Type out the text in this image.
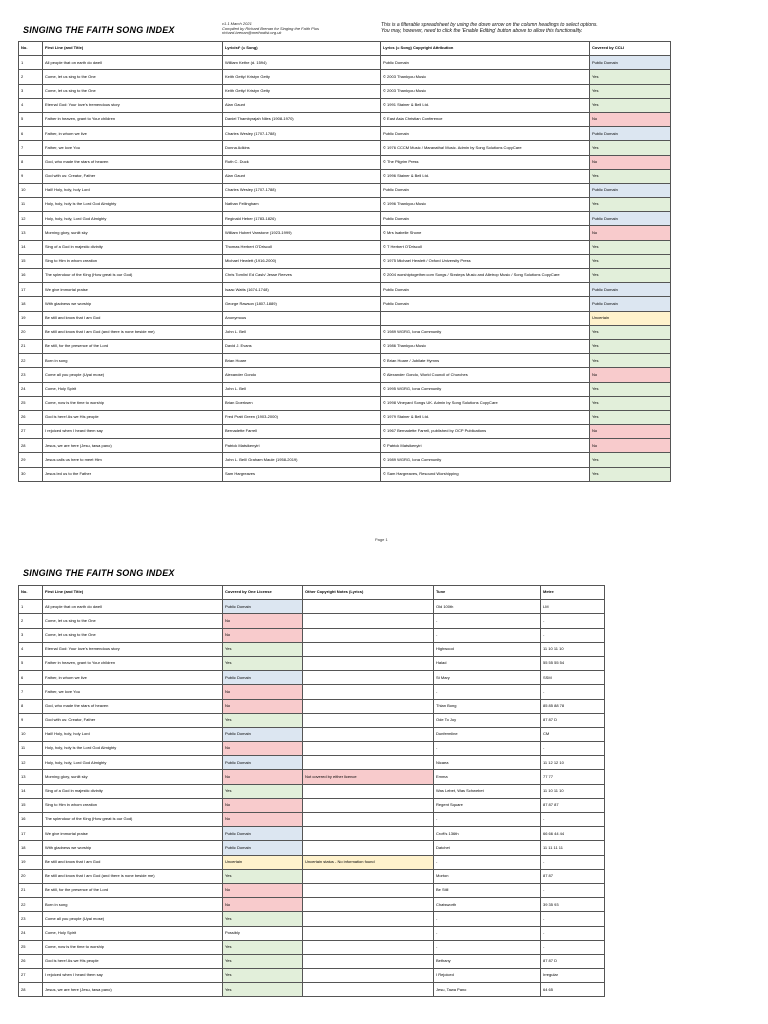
SINGING THE FAITH SONG INDEX
v1.1 March 2021
Compiled by Richard Brenan for Singing the Faith Plus
richard.brenan@methodist.org.uk
This is a filterable spreadsheet by using the down arrow on the column headings to select options.
You may, however, need to click the 'Enable Editing' button above to allow this functionality.
No.	First Line (and Title)	Lyricist¹ (= Song)	Lyrics (= Song) Copyright Attribution	Covered by CCLI
1	All people that on earth do dwell	William Kethe (d. 1594)	Public Domain	Public Domain
2	Come, let us sing to the One	Keith Getty/ Kristyn Getty	© 2003 Thankyou Music	Yes
3	Come, let us sing to the One	Keith Getty/ Kristyn Getty	© 2003 Thankyou Music	Yes
4	Eternal God: Your love's tremendous story	Alan Gaunt	© 1991 Stainer & Bell Ltd.	Yes
5	Father in heaven, grant to Your children	Daniel Thambyrajah Niles (1908-1970)	© East Asia Christian Conference	No
6	Father, in whom we live	Charles Wesley (1707-1788)	Public Domain	Public Domain
7	Father, we love You	Donna Adkins	© 1976 CCCM Music / Maranatha! Music. Admin by Song Solutions CopyCare	Yes
8	God, who made the stars of heaven	Ruth C. Duck	© The Pilgrim Press	No
9	God with us: Creator, Father	Alan Gaunt	© 1996 Stainer & Bell Ltd.	Yes
10	Hail! Holy, holy, holy Lord	Charles Wesley (1707-1788)	Public Domain	Public Domain
11	Holy, holy, holy is the Lord God Almighty	Nathan Fellingham	© 1996 Thankyou Music	Yes
12	Holy, holy, holy, Lord God Almighty	Reginald Heber (1783-1826)	Public Domain	Public Domain
13	Morning glory, sunlit sky	William Hubert Vanstone (1923-1999)	© Mrs Isabelle Shone	No
14	Sing of a God in majestic divinity	Thomas Herbert O'Driscoll	© T Herbert O'Driscoll	Yes
15	Sing to Him in whom creation	Michael Hewlett (1916-2000)	© 1975 Michael Hewlett / Oxford University Press	Yes
16	The splendour of the King (How great is our God)	Chris Tomlin/ Ed Cash/ Jesse Reeves	© 2004 worshiptogether.com Songs / Sixsteps Music and Alletrop Music / Song Solutions CopyCare	Yes
17	We give immortal praise	Isaac Watts (1674-1748)	Public Domain	Public Domain
18	With gladness we worship	George Rawson (1807-1889)	Public Domain	Public Domain
19	Be still and know that I am God	Anonymous		Uncertain
20	Be still and know that I am God (and there is none beside me)	John L. Bell	© 1989 WGRG, Iona Community	Yes
21	Be still, for the presence of the Lord	David J. Evans	© 1986 Thankyou Music	Yes
22	Born in song	Brian Hoare	© Brian Hoare / Jubilate Hymns	Yes
23	Come all you people (Uyai mose)	Alexander Gondo	© Alexander Gondo, World Council of Churches	No
24	Come, Holy Spirit	John L. Bell	© 1995 WGRG, Iona Community	Yes
25	Come, now is the time to worship	Brian Doerksen	© 1998 Vineyard Songs UK. Admin by Song Solutions CopyCare	Yes
26	God is here! As we His people	Fred Pratt Green (1903-2000)	© 1979 Stainer & Bell Ltd.	Yes
27	I rejoiced when I heard them say	Bernadette Farrell	© 1967 Bernadette Farrell, published by OCP Publications	No
28	Jesus, we are here (Jesu, tawa pano)	Patrick Matsikenyiri	© Patrick Matsikenyiri	No
29	Jesus calls us here to meet Him	John L. Bell/ Graham Maule (1958-2019)	© 1989 WGRG, Iona Community	Yes
30	Jesus led us to the Father	Sam Hargreaves	© Sam Hargreaves, Resound Worshipping	Yes
Page 1
SINGING THE FAITH SONG INDEX
No.	First Line (and Title)	Covered by One License	Other Copyright Notes (Lyrics)	Tune	Metre
1	All people that on earth do dwell	Public Domain		Old 100th	LM
2	Come, let us sing to the One	No		-	-
3	Come, let us sing to the One	No		-	-
4	Eternal God: Your love's tremendous story	Yes		Highwood	11 10 11 10
5	Father in heaven, grant to Your children	Yes		Halad	55 55 55 54
6	Father, in whom we live	Public Domain		St Mary	SSM
7	Father, we love You	No		-	-
8	God, who made the stars of heaven	No		Thian Bong	85 85 88 78
9	God with us: Creator, Father	Yes		Ode To Joy	87 87 D
10	Hail! Holy, holy, holy Lord	Public Domain		Dunfermline	CM
11	Holy, holy, holy is the Lord God Almighty	No		-	-
12	Holy, holy, holy, Lord God Almighty	Public Domain		Nicaea	11 12 12 10
13	Morning glory, sunlit sky	No	Not covered by either licence	Emma	77 77
14	Sing of a God in majestic divinity	Yes		Was Lebet, Was Schwebet	11 10 11 10
15	Sing to Him in whom creation	No		Regent Square	87 87 87
16	The splendour of the King (How great is our God)	No		-	-
17	We give immortal praise	Public Domain		Croft's 136th	66 66 44 44
18	With gladness we worship	Public Domain		Datchet	11 11 11 11
19	Be still and know that I am God	Uncertain	Uncertain status - No information found	-	-
20	Be still and know that I am God (and there is none beside me)	Yes		Morton	87 87
21	Be still, for the presence of the Lord	No		Be Still	-
22	Born in song	No		Chatsworth	39 35 93
23	Come all you people (Uyai mose)	Yes		-	-
24	Come, Holy Spirit	Possibly		-	-
25	Come, now is the time to worship	Yes		-	-
26	God is here! As we His people	Yes		Bethany	87 87 D
27	I rejoiced when I heard them say	Yes		I Rejoiced	Irregular
28	Jesus, we are here (Jesu, tawa pano)	Yes		Jesu, Tawa Pano	64 65
